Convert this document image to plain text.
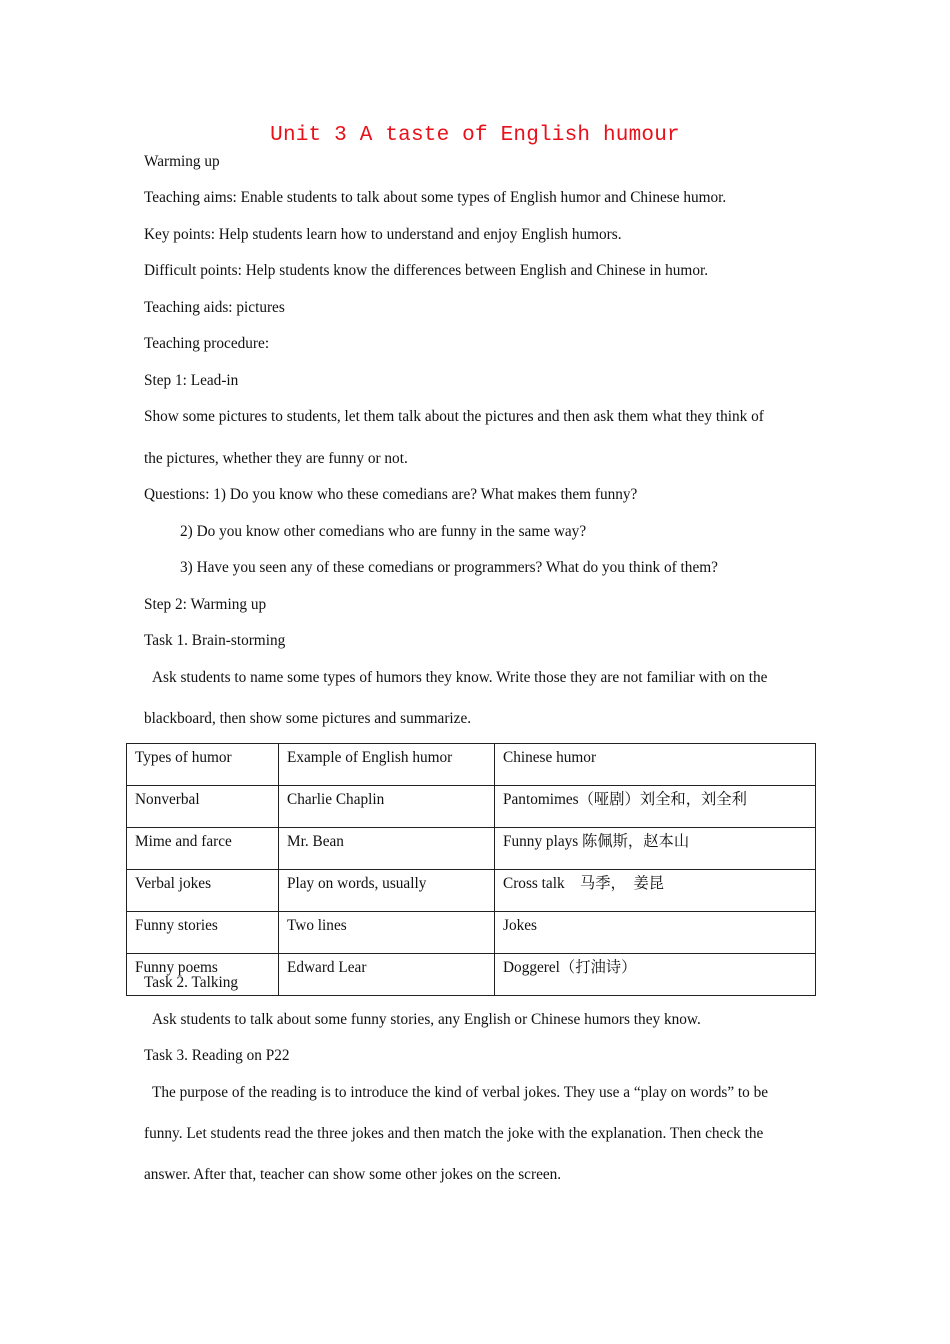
Unit 3 A taste of English humour
Warming up
Teaching aims: Enable students to talk about some types of English humor and Chinese humor.
Key points: Help students learn how to understand and enjoy English humors.
Difficult points: Help students know the differences between English and Chinese in humor.
Teaching aids: pictures
Teaching procedure:
Step 1: Lead-in
Show some pictures to students, let them talk about the pictures and then ask them what they think of
the pictures, whether they are funny or not.
Questions: 1) Do you know who these comedians are? What makes them funny?
2) Do you know other comedians who are funny in the same way?
3) Have you seen any of these comedians or programmers? What do you think of them?
Step 2: Warming up
Task 1. Brain-storming
Ask students to name some types of humors they know. Write those they are not familiar with on the
blackboard, then show some pictures and summarize.
Types of humor	Example of English humor	Chinese humor
Nonverbal	Charlie Chaplin	Pantomimes（哑剧）刘全和，刘全利
Mime and farce	Mr. Bean	Funny plays 陈佩斯，赵本山
Verbal jokes	Play on words, usually	Cross talk　马季，　姜昆
Funny stories	Two lines	Jokes
Funny poems	Edward Lear	Doggerel（打油诗）
Task 2. Talking
Ask students to talk about some funny stories, any English or Chinese humors they know.
Task 3. Reading on P22
The purpose of the reading is to introduce the kind of verbal jokes. They use a “play on words” to be
funny. Let students read the three jokes and then match the joke with the explanation. Then check the
answer. After that, teacher can show some other jokes on the screen.
